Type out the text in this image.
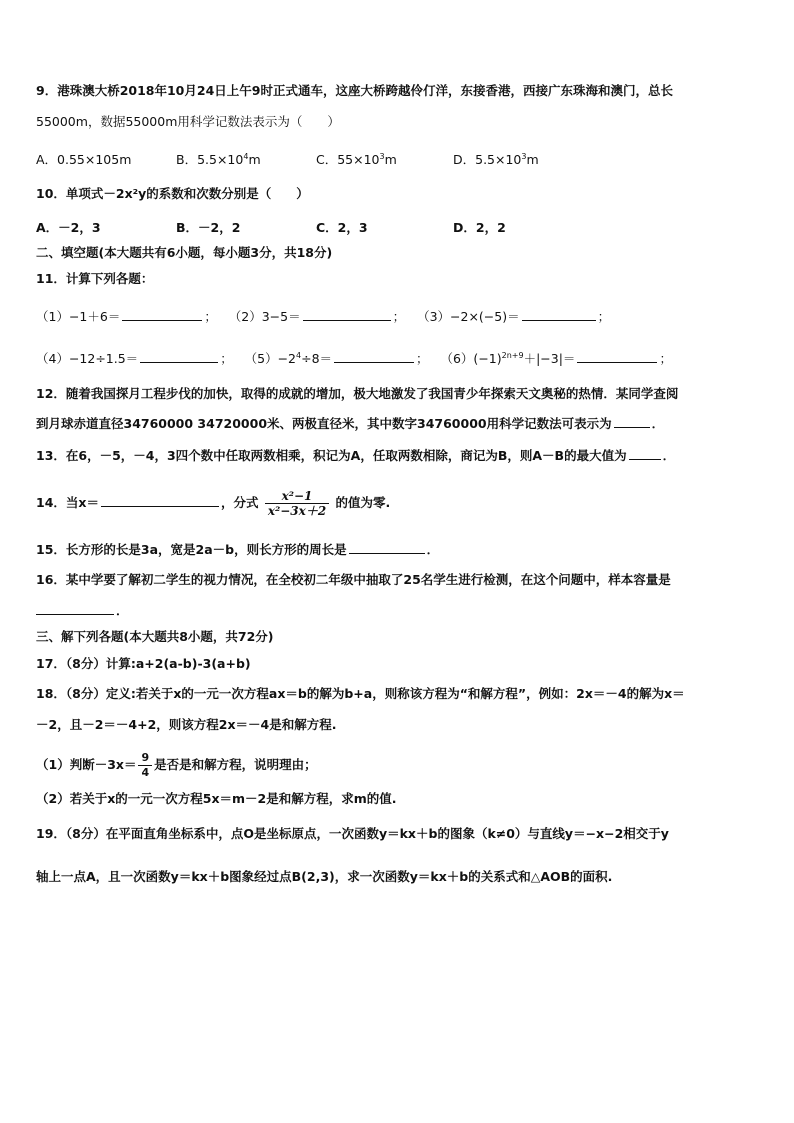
9．港珠澳大桥2018年10月24日上午9时正式通车，这座大桥跨越伶仃洋，东接香港，西接广东珠海和澳门，总长
55000m，数据55000m用科学记数法表示为（　　）
A．0.55×105m	B．$5.5\times 10^4m$	C．$55\times 10^3m$	D．$5.5\times 10^3m$
10．单项式－2x²y的系数和次数分别是（　　）
A．－2，3	B．－2，2	C．2，3	D．2，2
二、填空题(本大题共有6小题，每小题3分，共18分)
11．计算下列各题：
（1）−1＋6＝	； （2）3−5＝	； （3）−2×(−5)＝	；
（4）−12÷1.5＝	； $(5)-2^4\div 8=$	； $(6)(-1)^{2n+9}+|-3|=$	；
12．随着我国探月工程步伐的加快，取得的成就的增加，极大地激发了我国青少年探索天文奥秘的热情．某同学查阅
到月球赤道直径34760000 34720000米、两极直径米，其中数字34760000用科学记数法可表示为	．
13．在6，－5，－4，3四个数中任取两数相乘，积记为A，任取两数相除，商记为B，则A－B的最大值为	．
14．当x＝	，分式 $\frac{\text{x²−1}}{\text{x²−3x＋2}}$ 的值为零.
15．长方形的长是3a，宽是2a－b，则长方形的周长是	．
16．某中学要了解初二学生的视力情况，在全校初二年级中抽取了25名学生进行检测，在这个问题中，样本容量是
．
三、解下列各题(本大题共8小题，共72分)
17．（8分）计算:a+2(a-b)-3(a+b)
18．（8分）定义:若关于x的一元一次方程ax＝b的解为b+a，则称该方程为“和解方程”，例如：2x＝－4的解为x＝
－2，且－2＝－4+2，则该方程2x＝－4是和解方程.
（1）判断$-3x= \frac{9}{4}$ 是否是和解方程，说明理由；
（2）若关于x的一元一次方程5x＝m－2是和解方程，求m的值.
19．（8分）在平面直角坐标系中，点O是坐标原点，一次函数y＝kx＋b的图象（k≠0）与直线y＝−x−2相交于y
轴上一点A，且一次函数y＝kx＋b图象经过点B(2,3)，求一次函数y＝kx＋b的关系式和△AOB的面积.
